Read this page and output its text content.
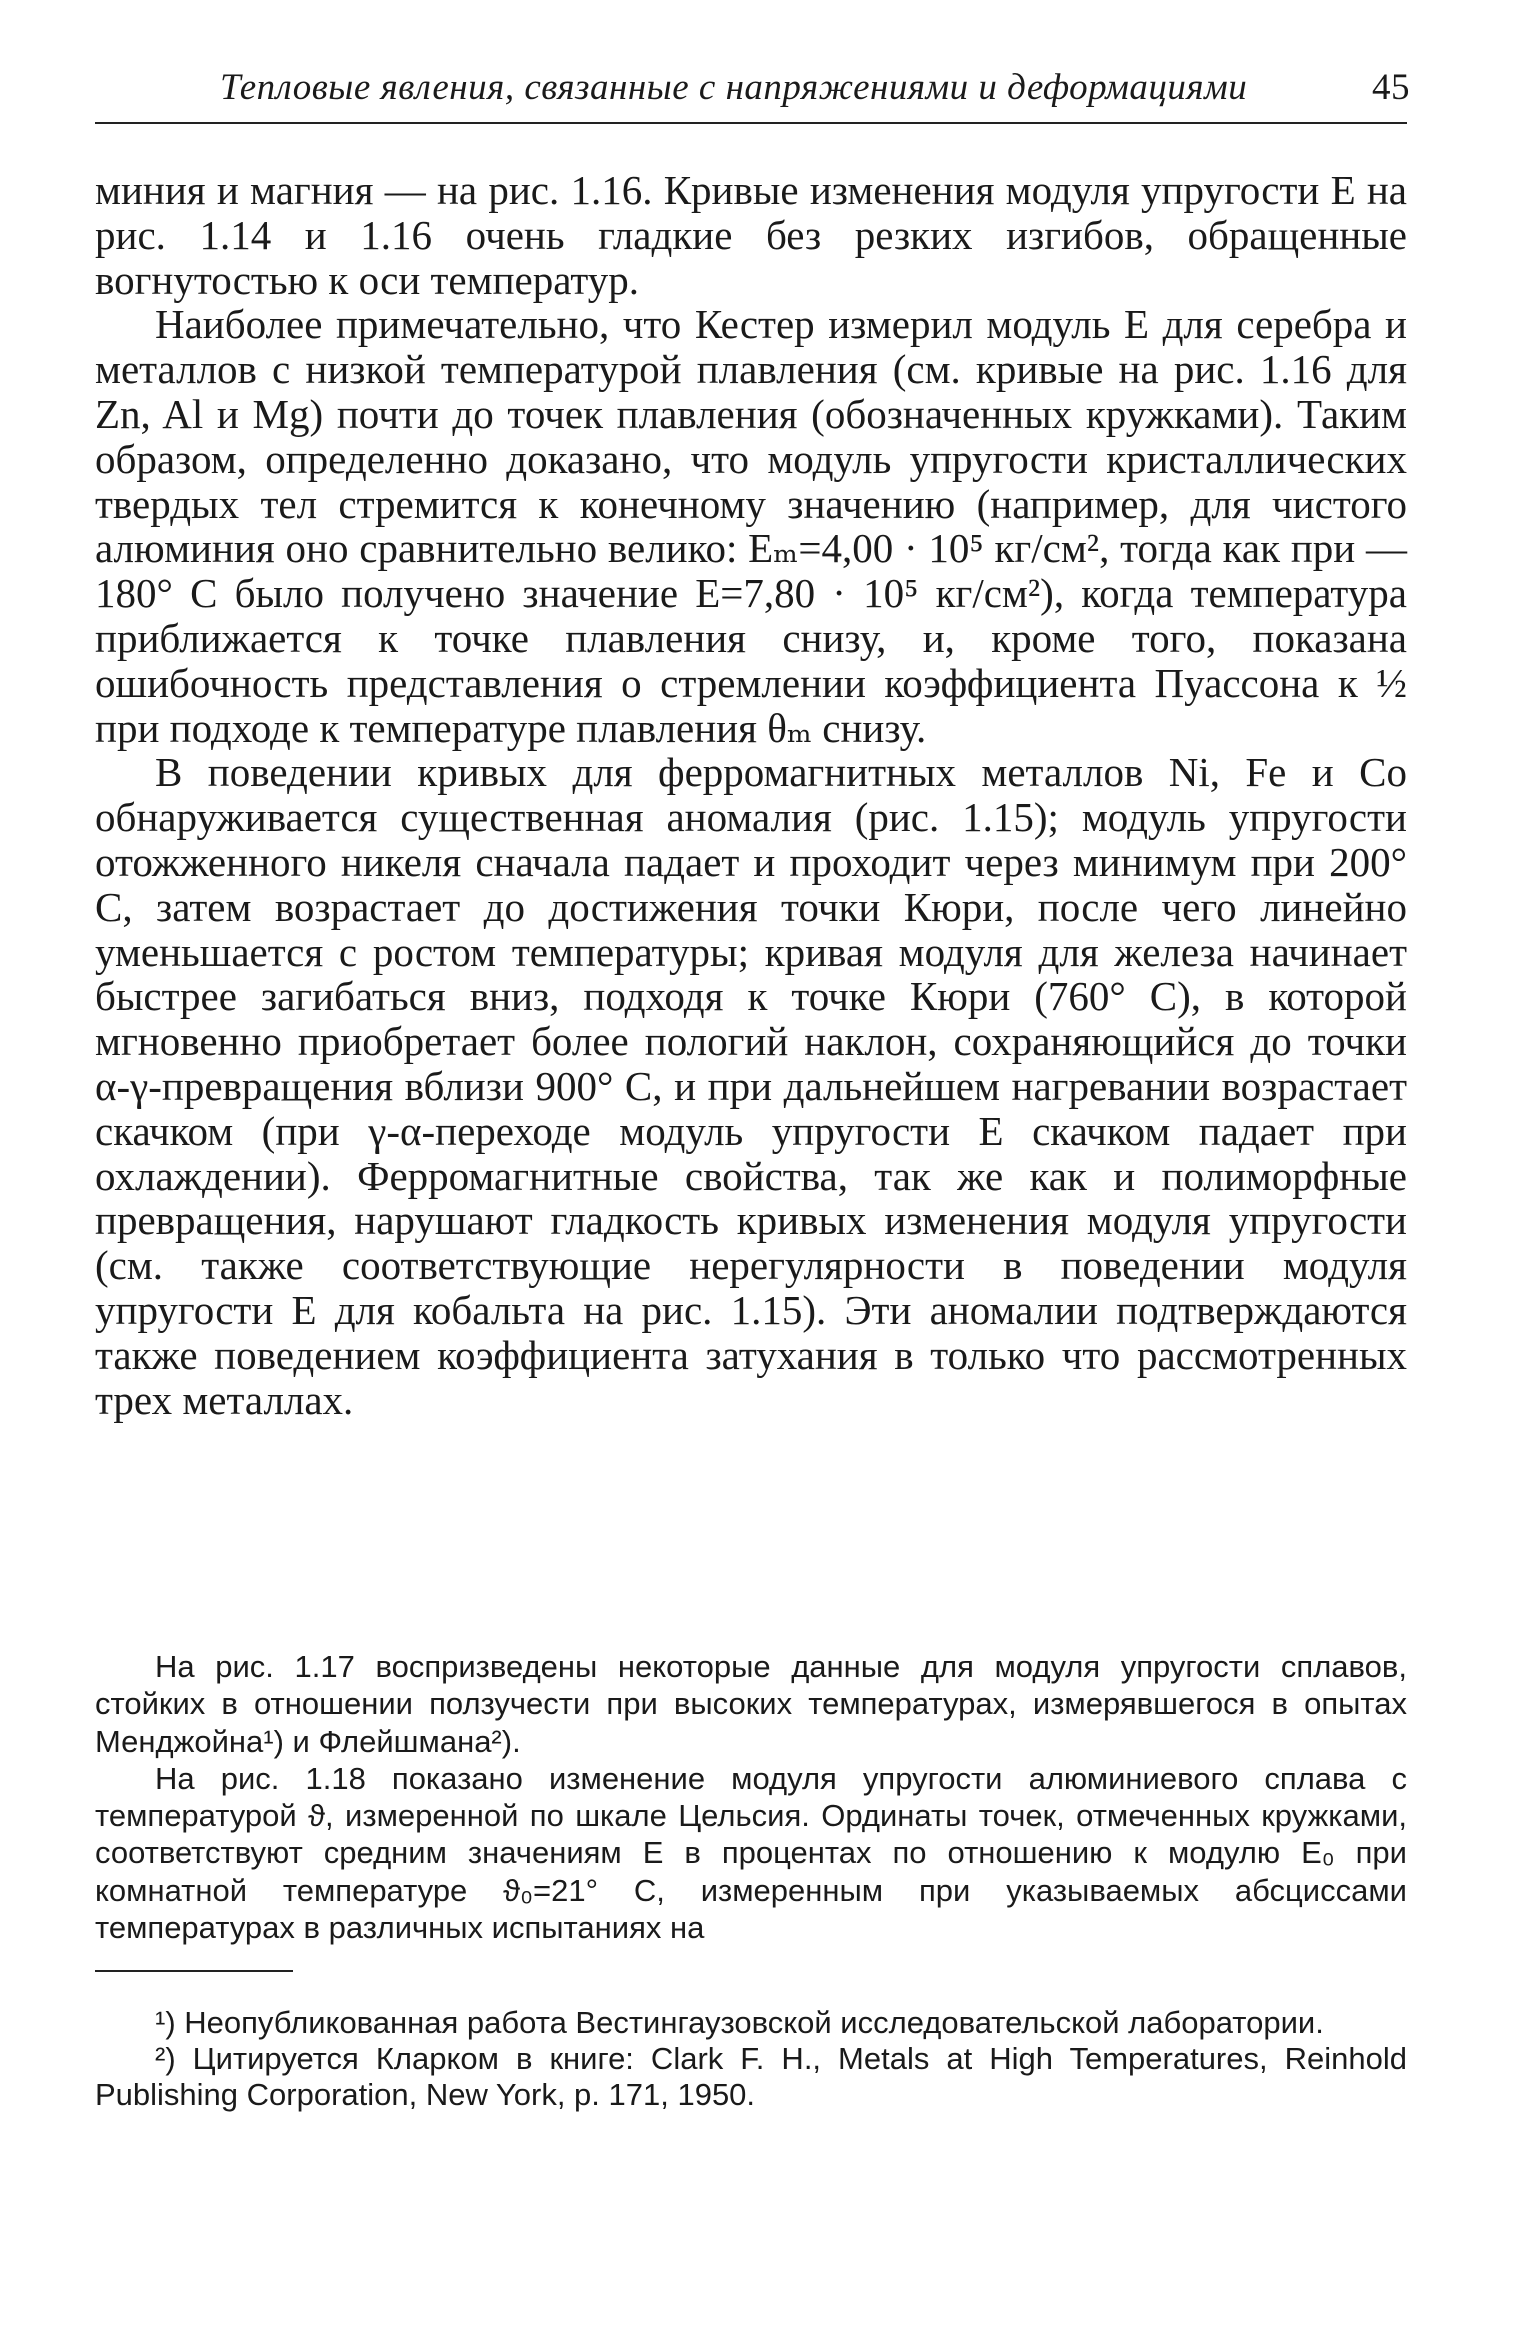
Тепловые явления, связанные с напряжениями и деформациями	45

миния и магния — на рис. 1.16. Кривые изменения модуля упругости E на рис. 1.14 и 1.16 очень гладкие без резких изгибов, обращенные вогнутостью к оси температур.

Наиболее примечательно, что Кестер измерил модуль E для серебра и металлов с низкой температурой плавления (см. кривые на рис. 1.16 для Zn, Al и Mg) почти до точек плавления (обозначенных кружками). Таким образом, определенно доказано, что модуль упругости кристаллических твердых тел стремится к конечному значению (например, для чистого алюминия оно сравнительно велико: Eₘ=4,00 · 10⁵ кг/см², тогда как при —180° С было получено значение E=7,80 · 10⁵ кг/см²), когда температура приближается к точке плавления снизу, и, кроме того, показана ошибочность представления о стремлении коэффициента Пуассона к ½ при подходе к температуре плавления θₘ снизу.

В поведении кривых для ферромагнитных металлов Ni, Fe и Co обнаруживается существенная аномалия (рис. 1.15); модуль упругости отожженного никеля сначала падает и проходит через минимум при 200° С, затем возрастает до достижения точки Кюри, после чего линейно уменьшается с ростом температуры; кривая модуля для железа начинает быстрее загибаться вниз, подходя к точке Кюри (760° С), в которой мгновенно приобретает более пологий наклон, сохраняющийся до точки α-γ-превращения вблизи 900° С, и при дальнейшем нагревании возрастает скачком (при γ-α-переходе модуль упругости E скачком падает при охлаждении). Ферромагнитные свойства, так же как и полиморфные превращения, нарушают гладкость кривых изменения модуля упругости (см. также соответствующие нерегулярности в поведении модуля упругости E для кобальта на рис. 1.15). Эти аномалии подтверждаются также поведением коэффициента затухания в только что рассмотренных трех металлах.

На рис. 1.17 воспризведены некоторые данные для модуля упругости сплавов, стойких в отношении ползучести при высоких температурах, измерявшегося в опытах Менджойна¹) и Флейшмана²).

На рис. 1.18 показано изменение модуля упругости алюминиевого сплава с температурой ϑ, измеренной по шкале Цельсия. Ординаты точек, отмеченных кружками, соответствуют средним значениям E в процентах по отношению к модулю E₀ при комнатной температуре ϑ₀=21° С, измеренным при указываемых абсциссами температурах в различных испытаниях на

¹) Неопубликованная работа Вестингаузовской исследовательской лаборатории.

²) Цитируется Кларком в книге: Clark F. H., Metals at High Temperatures, Reinhold Publishing Corporation, New York, p. 171, 1950.
